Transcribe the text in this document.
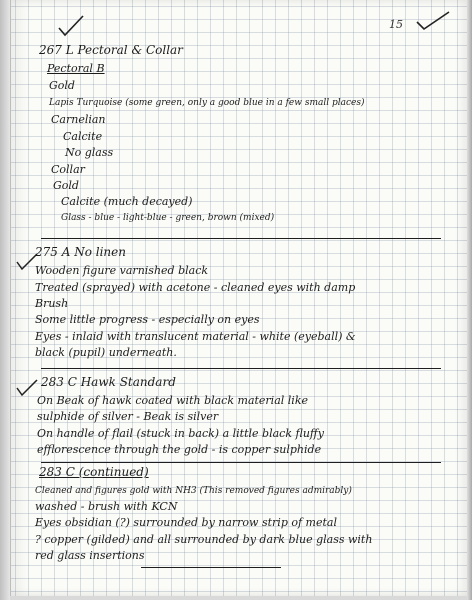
15
267 L Pectoral & Collar
Pectoral B
Gold
Lapis Turquoise (some green, only a good blue in a few small places)
Carnelian
Calcite
No glass
Collar
Gold
Calcite (much decayed)
Glass - blue - light-blue - green, brown (mixed)
275 A No linen
Wooden figure varnished black
Treated (sprayed) with acetone - cleaned eyes with damp
Brush
Some little progress - especially on eyes
Eyes - inlaid with translucent material - white (eyeball) &
black (pupil) underneath.
283 C Hawk Standard
On Beak of hawk coated with black material like
sulphide of silver - Beak is silver
On handle of flail (stuck in back) a little black fluffy
efflorescence through the gold - is copper sulphide
283 C (continued)
Cleaned and figures gold with NH3 (This removed figures admirably)
washed - brush with KCN
Eyes obsidian (?) surrounded by narrow strip of metal
? copper (gilded) and all surrounded by dark blue glass with
red glass insertions
